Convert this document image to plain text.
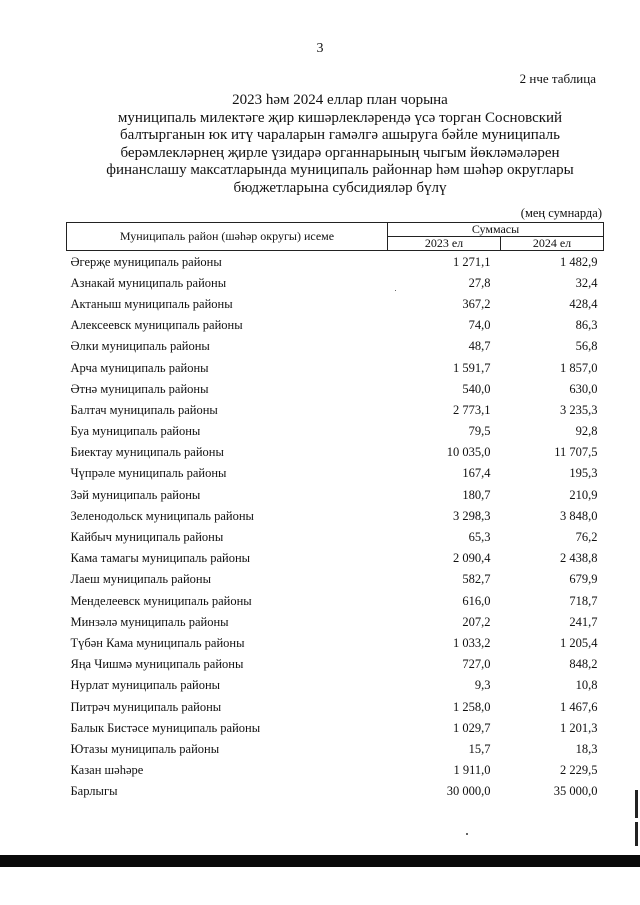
3
2 нче таблица
2023 һәм 2024 еллар план чорына
муниципаль милектәге җир кишәрлекләрендә үсә торган Сосновский
балтырганын юк итү чараларын гамәлгә ашыруга бәйле муниципаль
берәмлекләрнең җирле үзидарә органнарының чыгым йөкләмәләрен
финанслашу максатларында муниципаль районнар һәм шәһәр округлары
бюджетларына субсидияләр бүлү
(мең сумнарда)
Муниципаль район (шәһәр округы) исеме	Суммасы	
	2023 ел	2024 ел
Әгерҗе муниципаль районы	1 271,1	1 482,9
Азнакай муниципаль районы	27,8	32,4
Актаныш муниципаль районы	367,2	428,4
Алексеевск муниципаль районы	74,0	86,3
Әлки муниципаль районы	48,7	56,8
Арча муниципаль районы	1 591,7	1 857,0
Әтнә муниципаль районы	540,0	630,0
Балтач муниципаль районы	2 773,1	3 235,3
Буа муниципаль районы	79,5	92,8
Биектау муниципаль районы	10 035,0	11 707,5
Чүпрәле муниципаль районы	167,4	195,3
Зәй муниципаль районы	180,7	210,9
Зеленодольск муниципаль районы	3 298,3	3 848,0
Кайбыч муниципаль районы	65,3	76,2
Кама тамагы муниципаль районы	2 090,4	2 438,8
Лаеш муниципаль районы	582,7	679,9
Менделеевск муниципаль районы	616,0	718,7
Минзәлә муниципаль районы	207,2	241,7
Түбән Кама муниципаль районы	1 033,2	1 205,4
Яңа Чишмә муниципаль районы	727,0	848,2
Нурлат муниципаль районы	9,3	10,8
Питрәч муниципаль районы	1 258,0	1 467,6
Балык Бистәсе муниципаль районы	1 029,7	1 201,3
Ютазы муниципаль районы	15,7	18,3
Казан шәһәре	1 911,0	2 229,5
Барлыгы	30 000,0	35 000,0
